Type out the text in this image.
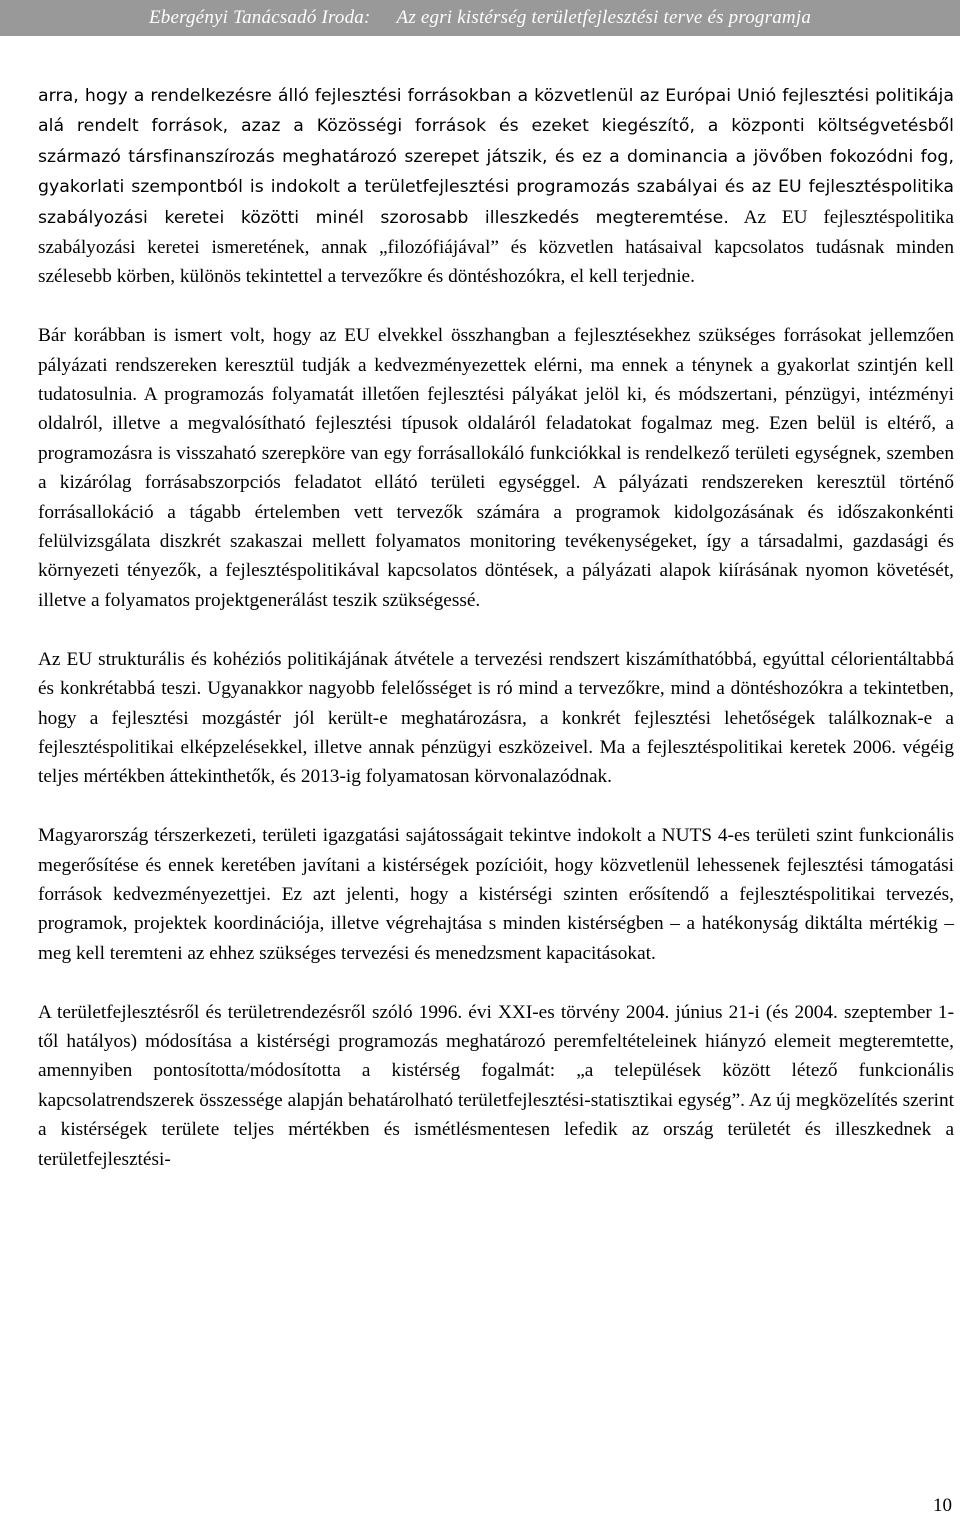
Ebergényi Tanácsadó Iroda: Az egri kistérség területfejlesztési terve és programja

arra, hogy a rendelkezésre álló fejlesztési forrásokban a közvetlenül az Európai Unió fejlesztési politikája alá rendelt források, azaz a Közösségi források és ezeket kiegészítő, a központi költségvetésből származó társfinanszírozás meghatározó szerepet játszik, és ez a dominancia a jövőben fokozódni fog, gyakorlati szempontból is indokolt a területfejlesztési programozás szabályai és az EU fejlesztéspolitika szabályozási keretei közötti minél szorosabb illeszkedés megteremtése. Az EU fejlesztéspolitika szabályozási keretei ismeretének, annak „filozófiájával” és közvetlen hatásaival kapcsolatos tudásnak minden szélesebb körben, különös tekintettel a tervezőkre és döntéshozókra, el kell terjednie.

Bár korábban is ismert volt, hogy az EU elvekkel összhangban a fejlesztésekhez szükséges forrásokat jellemzően pályázati rendszereken keresztül tudják a kedvezményezettek elérni, ma ennek a ténynek a gyakorlat szintjén kell tudatosulnia. A programozás folyamatát illetően fejlesztési pályákat jelöl ki, és módszertani, pénzügyi, intézményi oldalról, illetve a megvalósítható fejlesztési típusok oldaláról feladatokat fogalmaz meg. Ezen belül is eltérő, a programozásra is visszaható szerepköre van egy forrásallokáló funkciókkal is rendelkező területi egységnek, szemben a kizárólag forrásabszorpciós feladatot ellátó területi egységgel. A pályázati rendszereken keresztül történő forrásallokáció a tágabb értelemben vett tervezők számára a programok kidolgozásának és időszakonkénti felülvizsgálata diszkrét szakaszai mellett folyamatos monitoring tevékenységeket, így a társadalmi, gazdasági és környezeti tényezők, a fejlesztéspolitikával kapcsolatos döntések, a pályázati alapok kiírásának nyomon követését, illetve a folyamatos projektgenerálást teszik szükségessé.

Az EU strukturális és kohéziós politikájának átvétele a tervezési rendszert kiszámíthatóbbá, egyúttal célorientáltabbá és konkrétabbá teszi. Ugyanakkor nagyobb felelősséget is ró mind a tervezőkre, mind a döntéshozókra a tekintetben, hogy a fejlesztési mozgástér jól került-e meghatározásra, a konkrét fejlesztési lehetőségek találkoznak-e a fejlesztéspolitikai elképzelésekkel, illetve annak pénzügyi eszközeivel. Ma a fejlesztéspolitikai keretek 2006. végéig teljes mértékben áttekinthetők, és 2013-ig folyamatosan körvonalazódnak.

Magyarország térszerkezeti, területi igazgatási sajátosságait tekintve indokolt a NUTS 4-es területi szint funkcionális megerősítése és ennek keretében javítani a kistérségek pozícióit, hogy közvetlenül lehessenek fejlesztési támogatási források kedvezményezettjei. Ez azt jelenti, hogy a kistérségi szinten erősítendő a fejlesztéspolitikai tervezés, programok, projektek koordinációja, illetve végrehajtása s minden kistérségben – a hatékonyság diktálta mértékig – meg kell teremteni az ehhez szükséges tervezési és menedzsment kapacitásokat.

A területfejlesztésről és területrendezésről szóló 1996. évi XXI-es törvény 2004. június 21-i (és 2004. szeptember 1-től hatályos) módosítása a kistérségi programozás meghatározó peremfeltételeinek hiányzó elemeit megteremtette, amennyiben pontosította/módosította a kistérség fogalmát: „a települések között létező funkcionális kapcsolatrendszerek összessége alapján behatárolható területfejlesztési-statisztikai egység”. Az új megközelítés szerint a kistérségek területe teljes mértékben és ismétlésmentesen lefedik az ország területét és illeszkednek a területfejlesztési-

10
